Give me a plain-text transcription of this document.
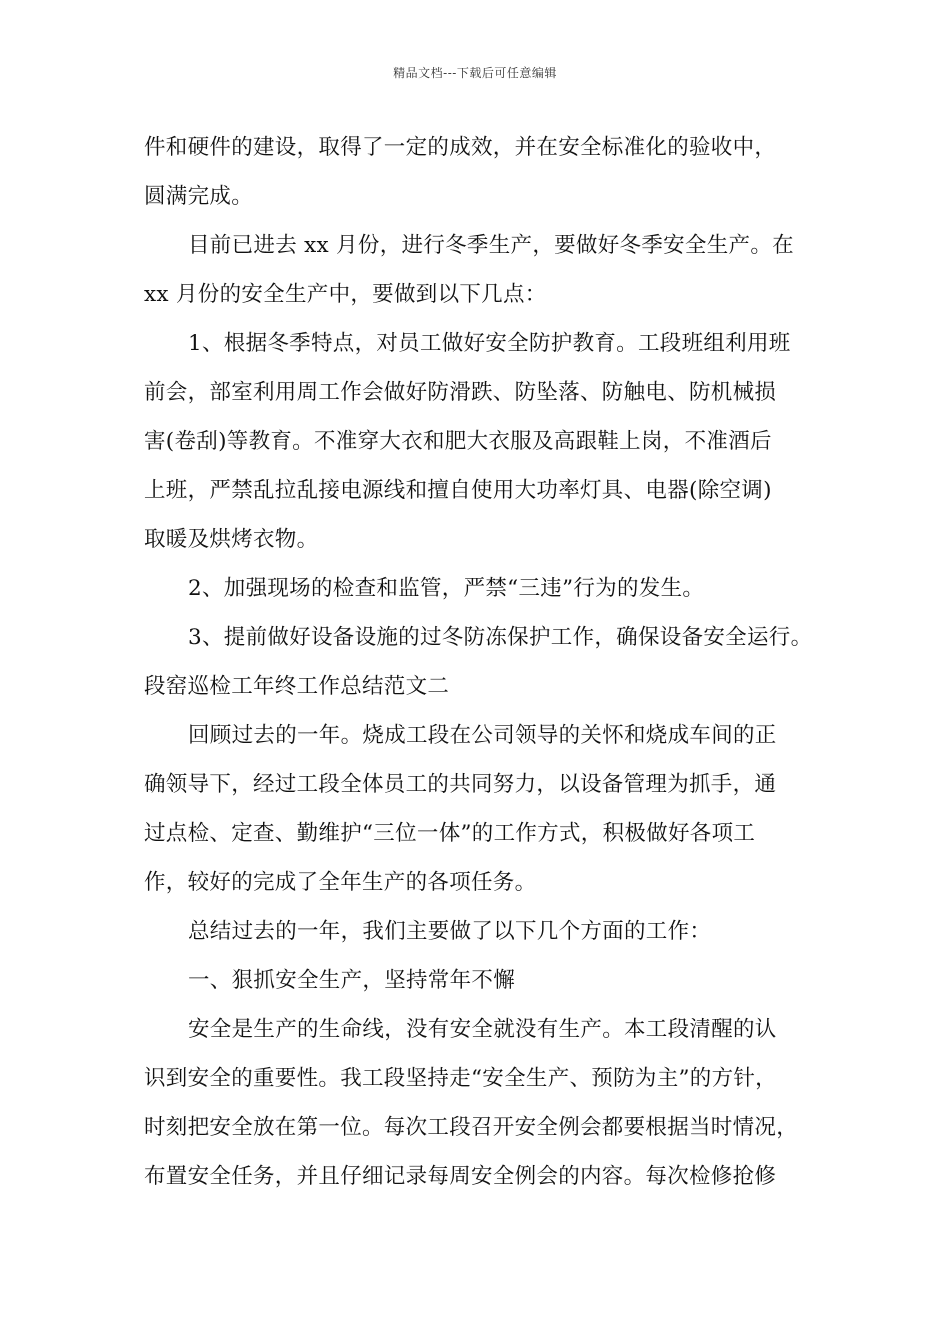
精品文档---下载后可任意编辑
件和硬件的建设，取得了一定的成效，并在安全标准化的验收中，
圆满完成。
目前已进去 xx 月份，进行冬季生产，要做好冬季安全生产。在
xx 月份的安全生产中，要做到以下几点：
1、根据冬季特点，对员工做好安全防护教育。工段班组利用班
前会，部室利用周工作会做好防滑跌、防坠落、防触电、防机械损
害(卷刮)等教育。不准穿大衣和肥大衣服及高跟鞋上岗，不准酒后
上班，严禁乱拉乱接电源线和擅自使用大功率灯具、电器(除空调)
取暖及烘烤衣物。
2、加强现场的检查和监管，严禁“三违”行为的发生。
3、提前做好设备设施的过冬防冻保护工作，确保设备安全运行。
段窑巡检工年终工作总结范文二
回顾过去的一年。烧成工段在公司领导的关怀和烧成车间的正
确领导下，经过工段全体员工的共同努力，以设备管理为抓手，通
过点检、定查、勤维护“三位一体”的工作方式，积极做好各项工
作，较好的完成了全年生产的各项任务。
总结过去的一年，我们主要做了以下几个方面的工作：
一、狠抓安全生产，坚持常年不懈
安全是生产的生命线，没有安全就没有生产。本工段清醒的认
识到安全的重要性。我工段坚持走“安全生产、预防为主”的方针，
时刻把安全放在第一位。每次工段召开安全例会都要根据当时情况，
布置安全任务，并且仔细记录每周安全例会的内容。每次检修抢修
